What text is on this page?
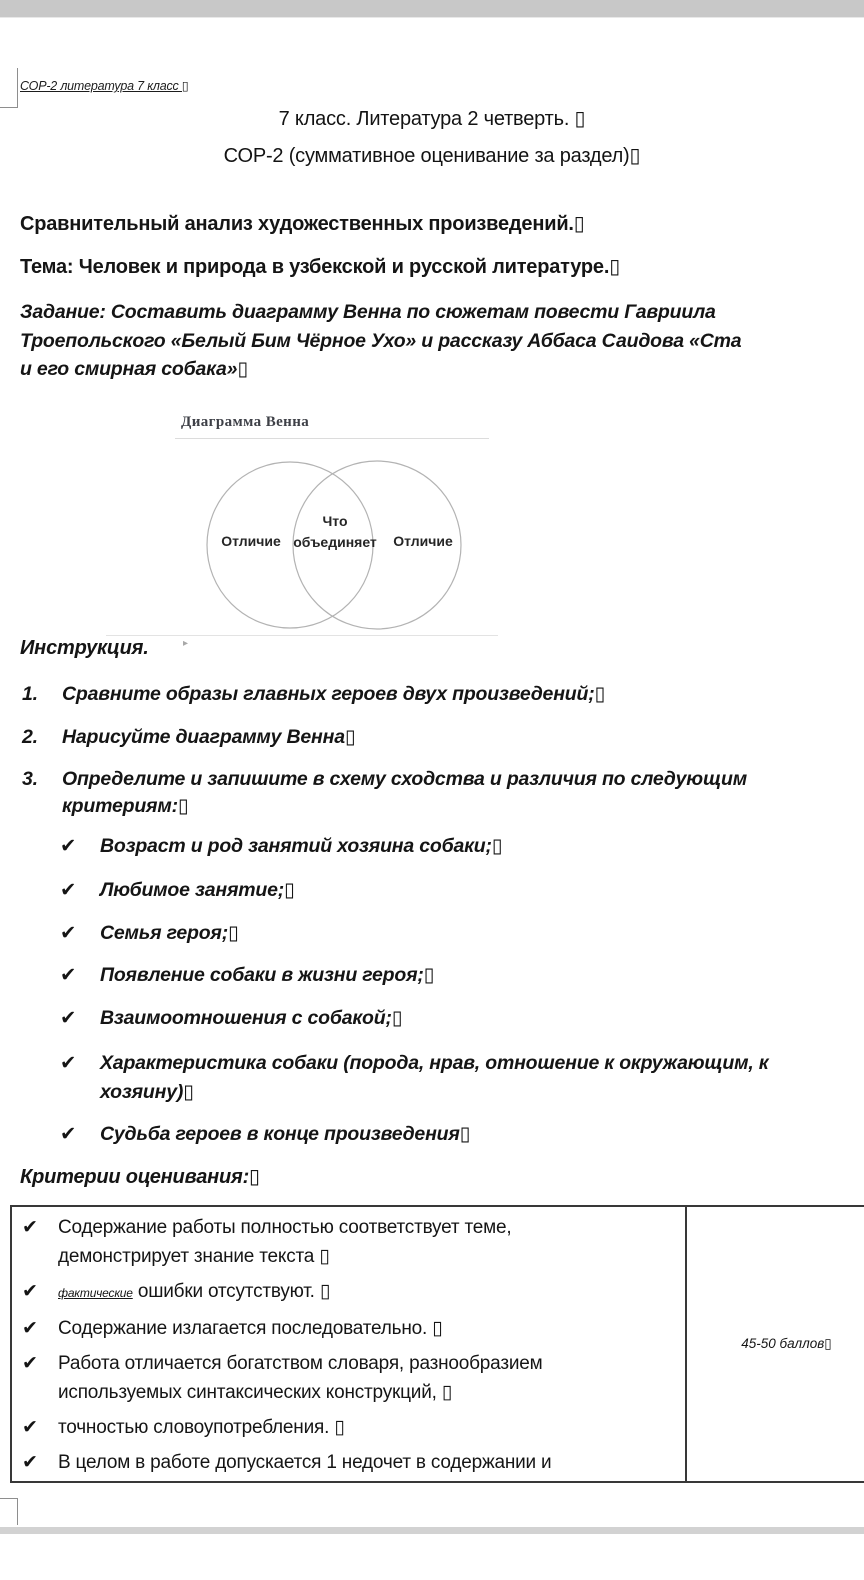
СОР-2 литература 7 класс ▯
7 класс. Литература 2 четверть. ▯
СОР-2 (суммативное оценивание за раздел)▯
Сравнительный анализ художественных произведений.▯
Тема: Человек и природа в узбекской и русской литературе.▯
Задание: Составить диаграмму Венна по сюжетам повести Гавриила
Троепольского «Белый Бим Чёрное Ухо» и рассказу Аббаса Саидова «Ста
и его смирная собака»▯
Диаграмма Венна
Отличие
Что
объединяет	Отличие
Инструкция.	▸
1. Сравните образы главных героев двух произведений;▯
2. Нарисуйте диаграмму Венна▯
3. Определите и запишите в схему сходства и различия по следующим
критериям:▯
✔ Возраст и род занятий хозяина собаки;▯
✔ Любимое занятие;▯
✔ Семья героя;▯
✔ Появление собаки в жизни героя;▯
✔ Взаимоотношения с собакой;▯
✔ Характеристика собаки (порода, нрав, отношение к окружающим, к
хозяину)▯
✔ Судьба героев в конце произведения▯
Критерии оценивания:▯
✔	Содержание работы полностью соответствует теме,
демонстрирует знание текста ▯
✔	фактические ошибки отсутствуют. ▯
✔	Содержание излагается последовательно. ▯
✔	Работа отличается богатством словаря, разнообразием
используемых синтаксических конструкций, ▯
✔	точностью словоупотребления. ▯
✔	В целом в работе допускается 1 недочет в содержании и
45-50 баллов▯
